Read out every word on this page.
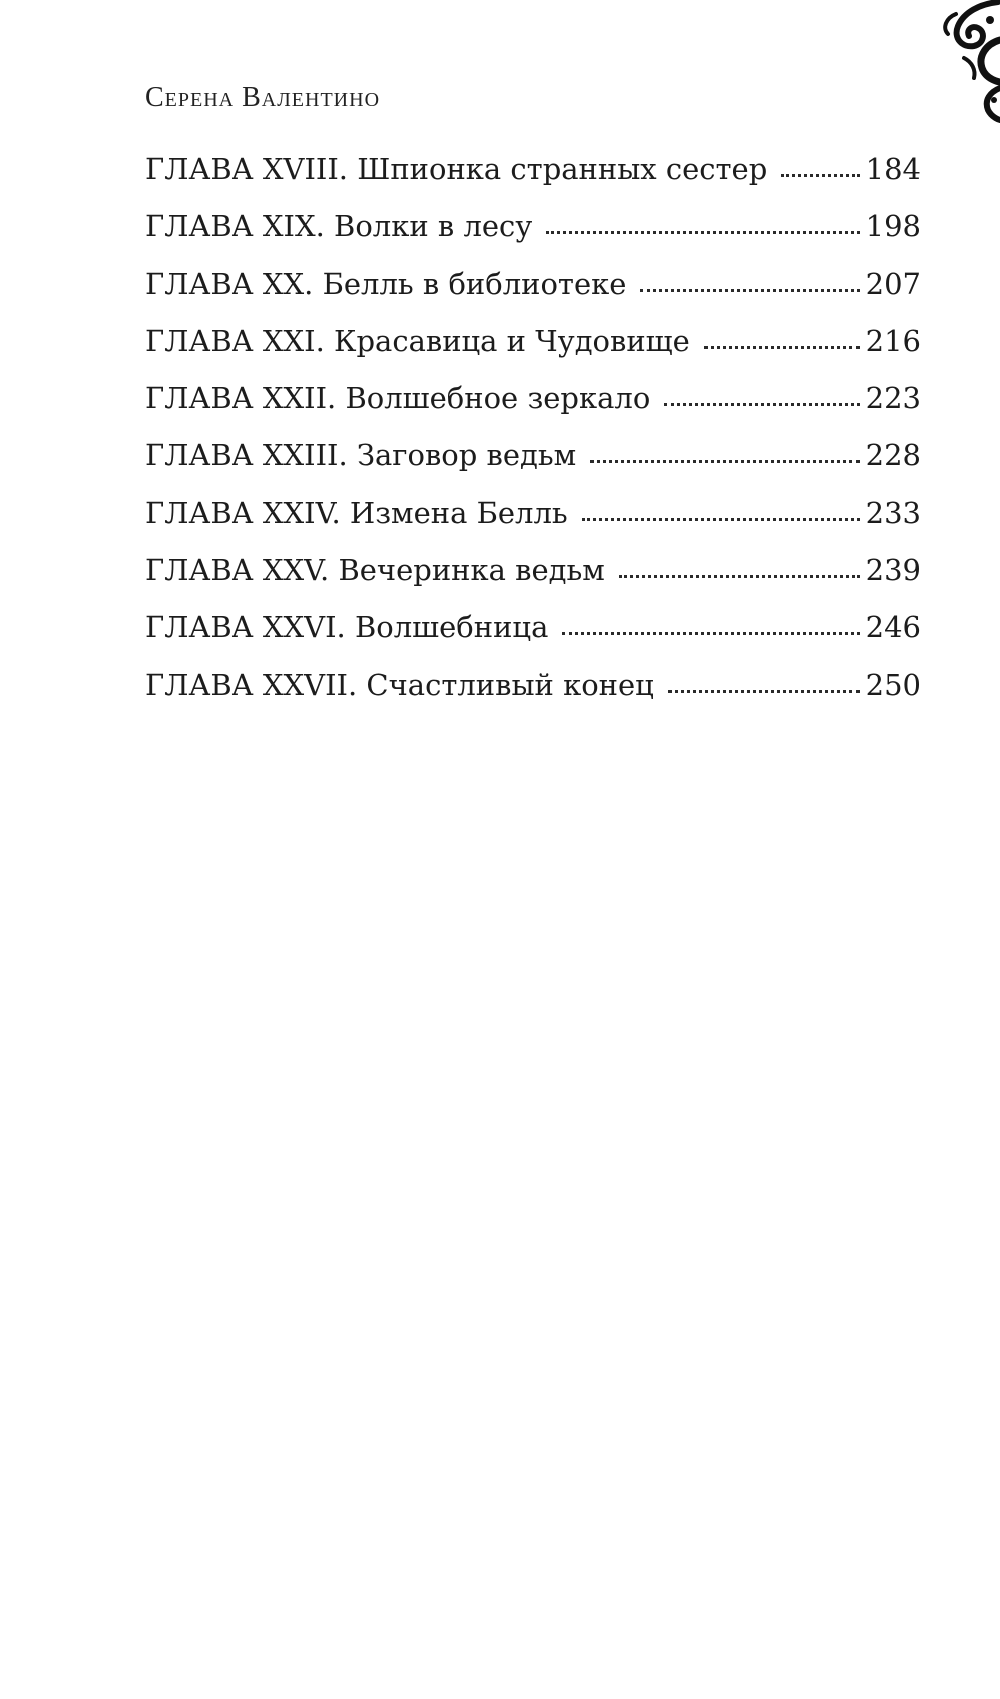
Серена Валентино

ГЛАВА XVIII. Шпионка странных сестер	184
ГЛАВА XIX. Волки в лесу	198
ГЛАВА XX. Белль в библиотеке	207
ГЛАВА XXI. Красавица и Чудовище	216
ГЛАВА XXII. Волшебное зеркало	223
ГЛАВА XXIII. Заговор ведьм	228
ГЛАВА XXIV. Измена Белль	233
ГЛАВА XXV. Вечеринка ведьм	239
ГЛАВА XXVI. Волшебница	246
ГЛАВА XXVII. Счастливый конец	250
